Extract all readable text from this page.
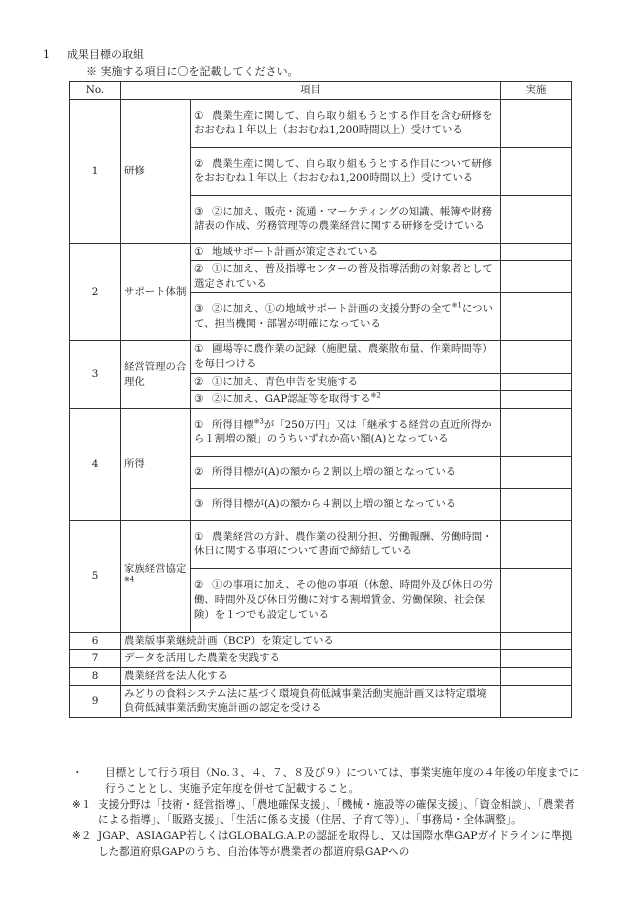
1 成果目標の取組
※ 実施する項目に〇を記載してください。
No.	項目		実施
1	研修	① 農業生産に関して、自ら取り組もうとする作目を含む研修をおおむね１年以上（おおむね1,200時間以上）受けている	
		② 農業生産に関して、自ら取り組もうとする作目について研修をおおむね１年以上（おおむね1,200時間以上）受けている	
		③ ②に加え、販売・流通・マーケティングの知識、帳簿や財務諸表の作成、労務管理等の農業経営に関する研修を受けている	
2	サポート体制	① 地域サポート計画が策定されている	
		② ①に加え、普及指導センターの普及指導活動の対象者として選定されている	
		③ ②に加え、①の地域サポート計画の支援分野の全て$^{※1}$について、担当機関・部署が明確になっている	
3	経営管理の合理化	① 圃場等に農作業の記録（施肥量、農薬散布量、作業時間等）を毎日つける	
		② ①に加え、青色申告を実施する	
		③ ②に加え、GAP認証等を取得する$^{※2}$	
4	所得	① 所得目標$^{※3}$が「250万円」又は「継承する経営の直近所得から１割増の額」のうちいずれか高い額(A)となっている	
		② 所得目標が(A)の額から２割以上増の額となっている	
		③ 所得目標が(A)の額から４割以上増の額となっている	
5	家族経営協定$^{※4}$	① 農業経営の方針、農作業の役割分担、労働報酬、労働時間・休日に関する事項について書面で締結している	
		② ①の事項に加え、その他の事項（休憩、時間外及び休日の労働、時間外及び休日労働に対する割増賃金、労働保険、社会保険）を１つでも設定している	
6	農業版事業継続計画（BCP）を策定している		
7	データを活用した農業を実践する		
8	農業経営を法人化する		
9	みどりの食料システム法に基づく環境負荷低減事業活動実施計画又は特定環境負荷低減事業活動実施計画の認定を受ける		
・	目標として行う項目（No.３、４、７、８及び９）については、事業実施年度の４年後の年度までに行うこととし、実施予定年度を併せて記載すること。
※１ 支援分野は「技術・経営指導」、「農地確保支援」、「機械・施設等の確保支援」、「資金相談」、「農業者による指導」、「販路支援」、「生活に係る支援（住居、子育て等）」、「事務局・全体調整」。
※２ JGAP、ASIAGAP若しくはGLOBALG.A.P.の認証を取得し、又は国際水準GAPガイドラインに準拠した都道府県GAPのうち、自治体等が農業者の都道府県GAPへの
